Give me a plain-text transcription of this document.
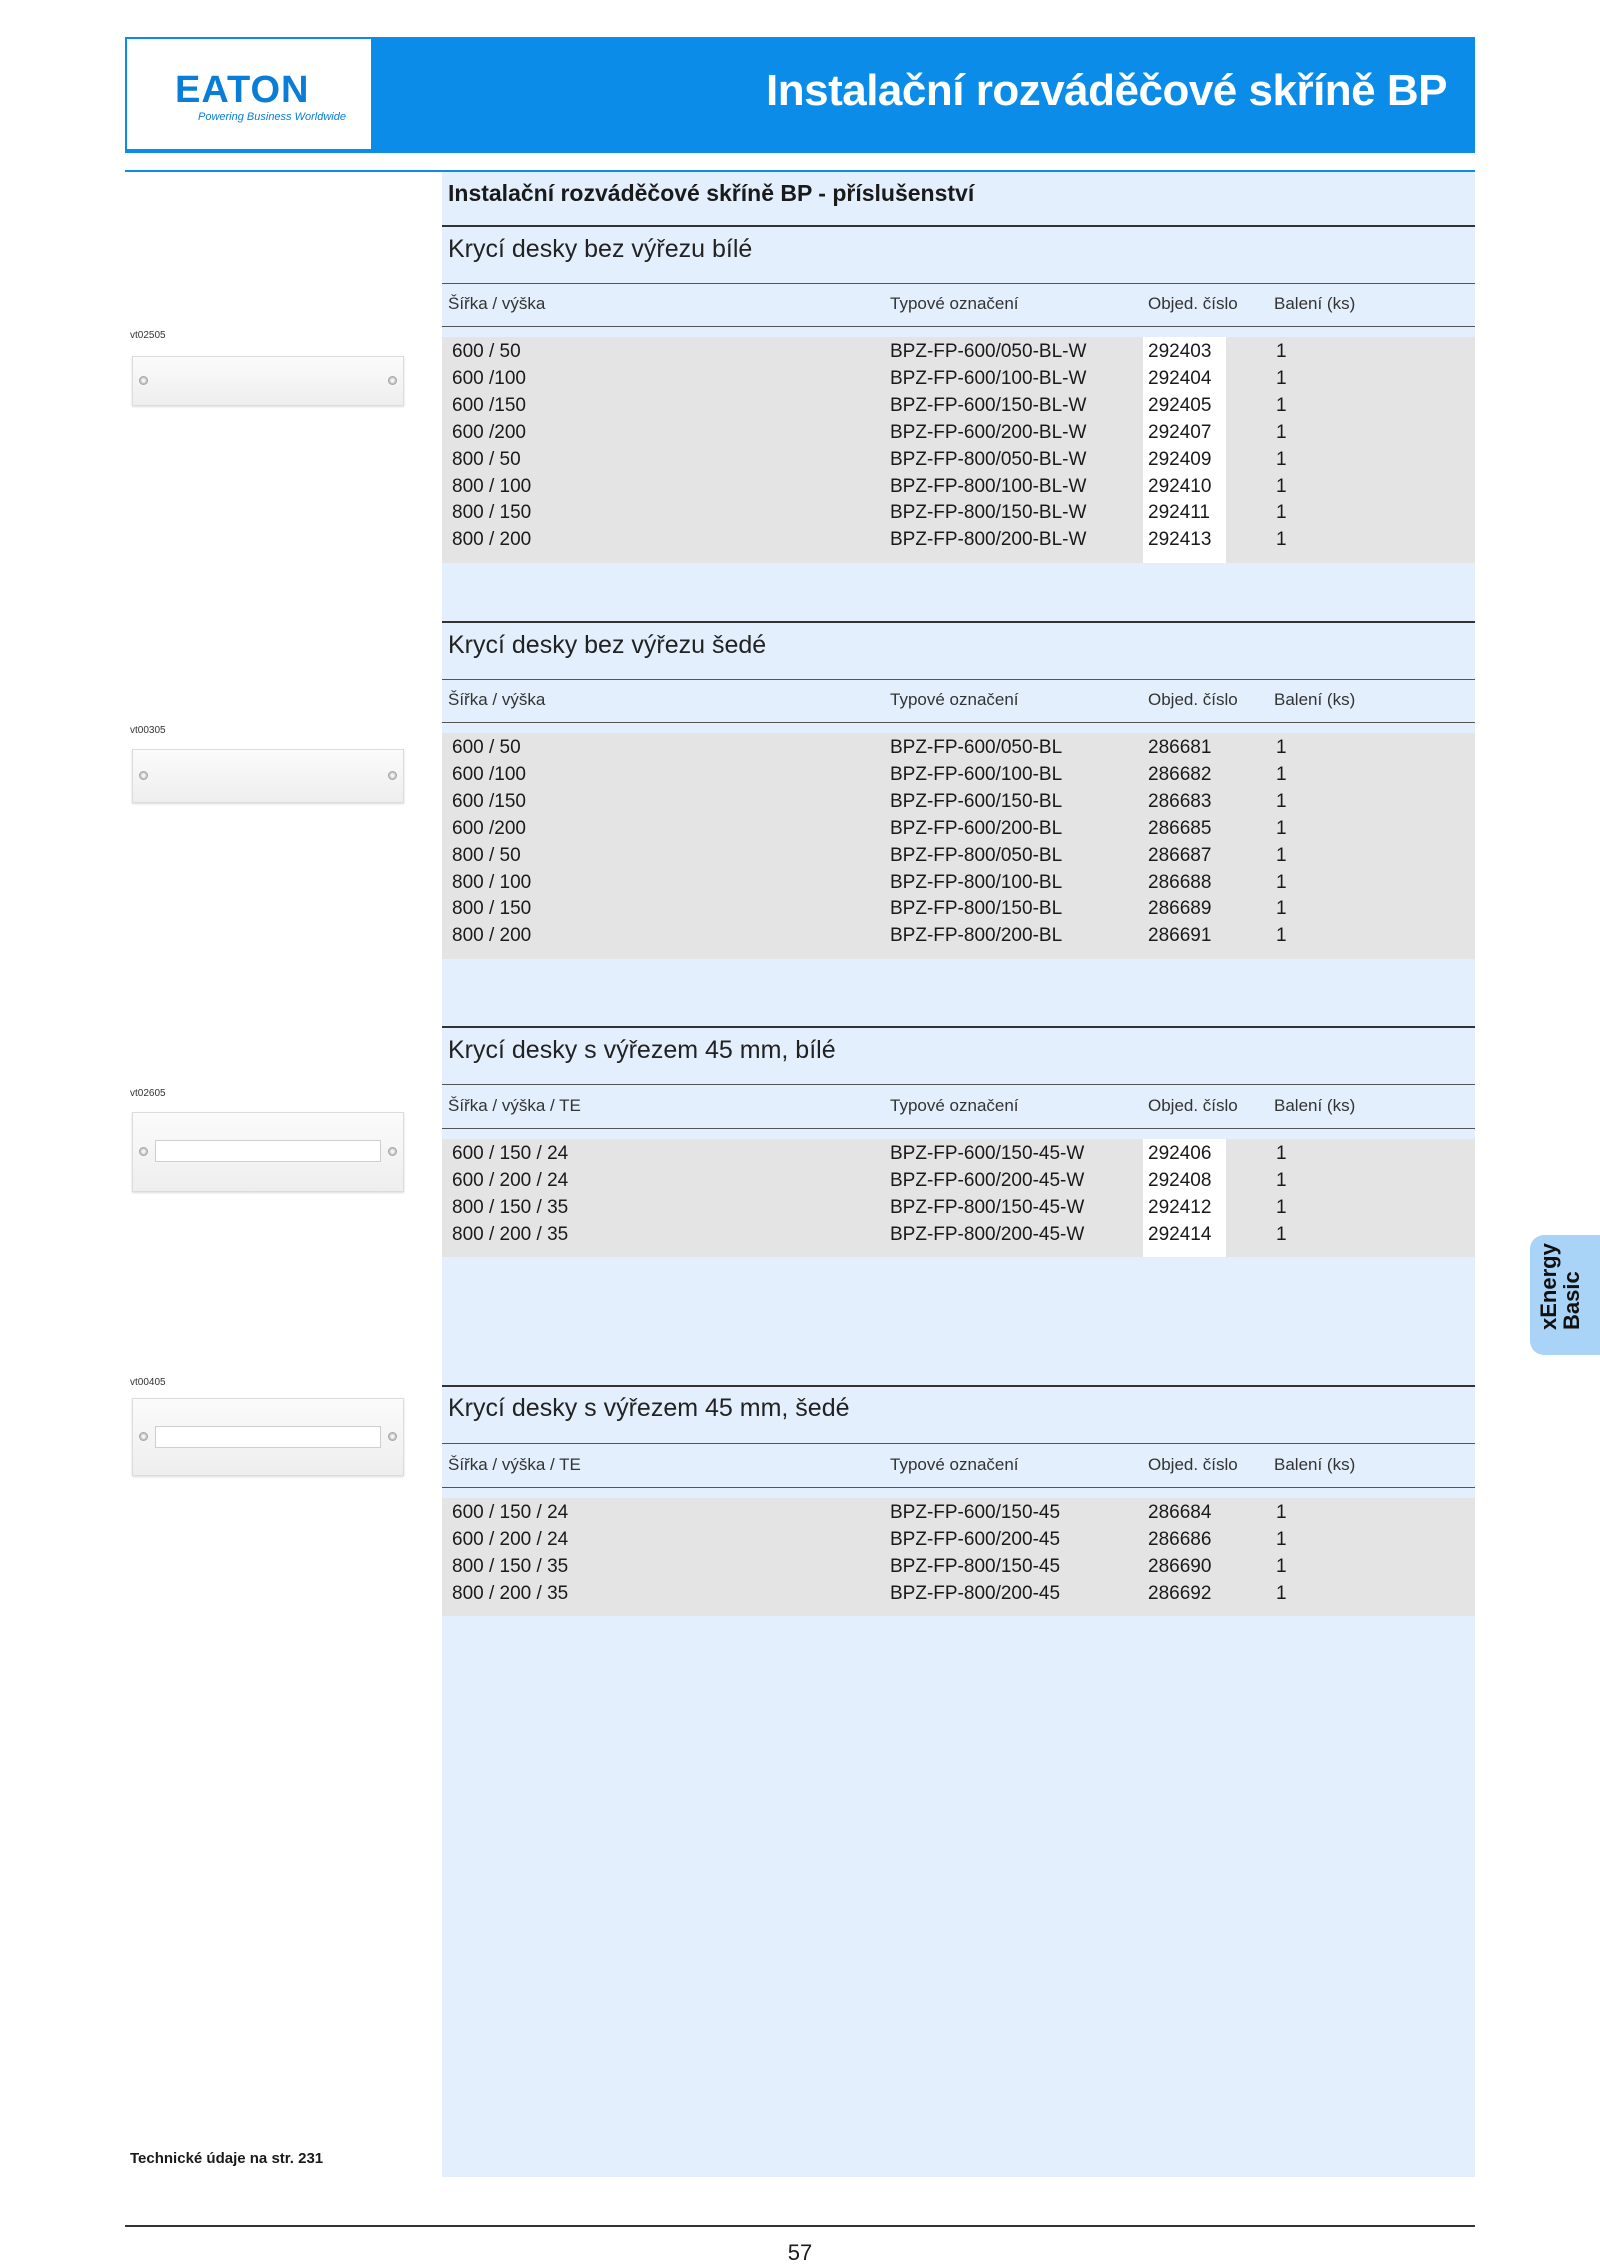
EATON
Powering Business Worldwide
Instalační rozváděčové skříně BP
Instalační rozváděčové skříně BP - příslušenství
Krycí desky bez výřezu bílé
Šířka / výška	Typové označení	Objed. číslo Balení (ks)
vt02505
600 / 50	BPZ-FP-600/050-BL-W	292403	1
600 /100	BPZ-FP-600/100-BL-W	292404	1
600 /150	BPZ-FP-600/150-BL-W	292405	1
600 /200	BPZ-FP-600/200-BL-W	292407	1
800 / 50	BPZ-FP-800/050-BL-W	292409	1
800 / 100	BPZ-FP-800/100-BL-W	292410	1
800 / 150	BPZ-FP-800/150-BL-W	292411	1
800 / 200	BPZ-FP-800/200-BL-W	292413	1
Krycí desky bez výřezu šedé
Šířka / výška	Typové označení	Objed. číslo Balení (ks)
vt00305
600 / 50	BPZ-FP-600/050-BL	286681	1
600 /100	BPZ-FP-600/100-BL	286682	1
600 /150	BPZ-FP-600/150-BL	286683	1
600 /200	BPZ-FP-600/200-BL	286685	1
800 / 50	BPZ-FP-800/050-BL	286687	1
800 / 100	BPZ-FP-800/100-BL	286688	1
800 / 150	BPZ-FP-800/150-BL	286689	1
800 / 200	BPZ-FP-800/200-BL	286691	1
Krycí desky s výřezem 45 mm, bílé
Šířka / výška / TE	Typové označení	Objed. číslo Balení (ks)
vt02605
600 / 150 / 24	BPZ-FP-600/150-45-W	292406	1
600 / 200 / 24	BPZ-FP-600/200-45-W	292408	1
800 / 150 / 35	BPZ-FP-800/150-45-W	292412	1
800 / 200 / 35	BPZ-FP-800/200-45-W	292414	1
Krycí desky s výřezem 45 mm, šedé
Šířka / výška / TE	Typové označení	Objed. číslo Balení (ks)
vt00405
600 / 150 / 24	BPZ-FP-600/150-45	286684	1
600 / 200 / 24	BPZ-FP-600/200-45	286686	1
800 / 150 / 35	BPZ-FP-800/150-45	286690	1
800 / 200 / 35	BPZ-FP-800/200-45	286692	1
xEnergy
Basic
Technické údaje na str. 231
57
